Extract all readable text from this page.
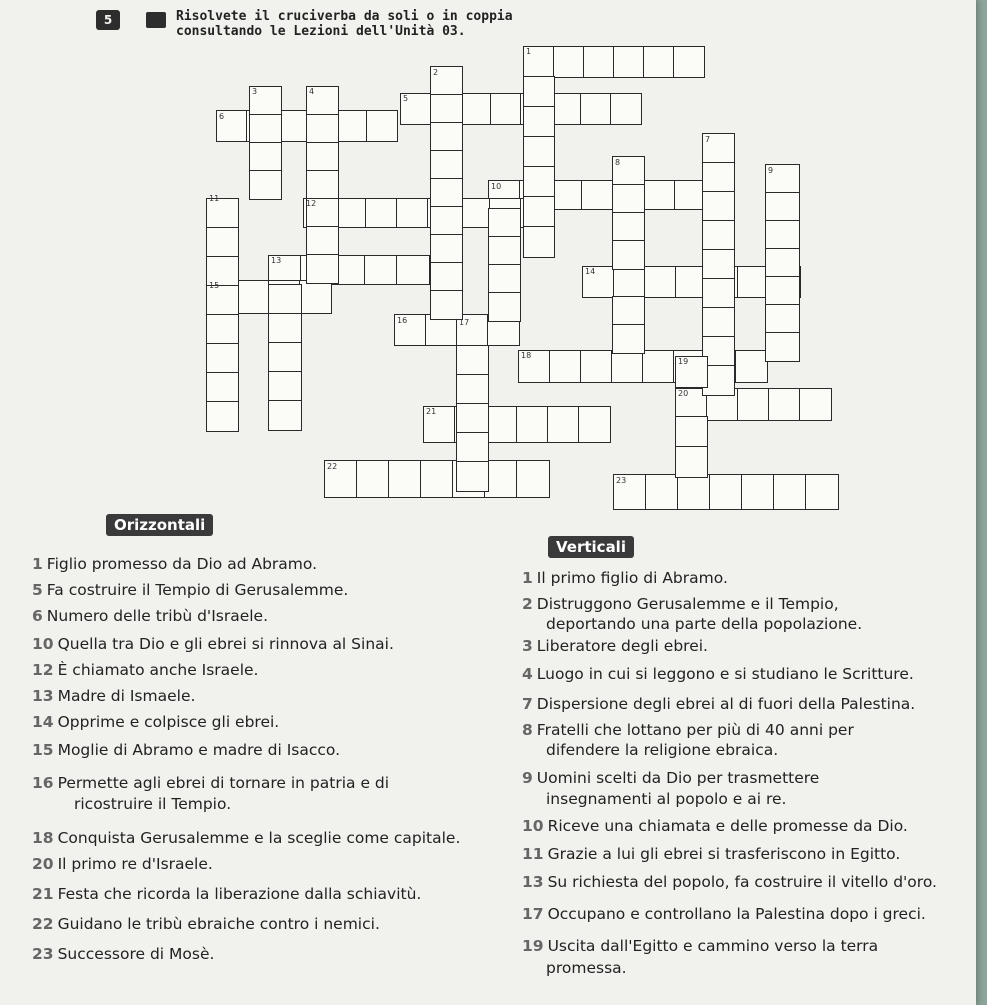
5	Risolvete il cruciverba da soli o in coppia
consultando le Lezioni dell'Unità 03.
1
2
3	4
5
6
7
8
9
10
11
12
13
14
15
16	17
18
19
20
21
22
23
Orizzontali
Verticali
1 Figlio promesso da Dio ad Abramo.
5 Fa costruire il Tempio di Gerusalemme.
6 Numero delle tribù d'Israele.
10 Quella tra Dio e gli ebrei si rinnova al Sinai.
12 È chiamato anche Israele.
13 Madre di Ismaele.
14 Opprime e colpisce gli ebrei.
15 Moglie di Abramo e madre di Isacco.
16 Permette agli ebrei di tornare in patria e di
ricostruire il Tempio.
18 Conquista Gerusalemme e la sceglie come capitale.
20 Il primo re d'Israele.
21 Festa che ricorda la liberazione dalla schiavitù.
22 Guidano le tribù ebraiche contro i nemici.
23 Successore di Mosè.
1 Il primo figlio di Abramo.
2 Distruggono Gerusalemme e il Tempio,
deportando una parte della popolazione.
3 Liberatore degli ebrei.
4 Luogo in cui si leggono e si studiano le Scritture.
7 Dispersione degli ebrei al di fuori della Palestina.
8 Fratelli che lottano per più di 40 anni per
difendere la religione ebraica.
9 Uomini scelti da Dio per trasmettere
insegnamenti al popolo e ai re.
10 Riceve una chiamata e delle promesse da Dio.
11 Grazie a lui gli ebrei si trasferiscono in Egitto.
13 Su richiesta del popolo, fa costruire il vitello d'oro.
17 Occupano e controllano la Palestina dopo i greci.
19 Uscita dall'Egitto e cammino verso la terra
promessa.
